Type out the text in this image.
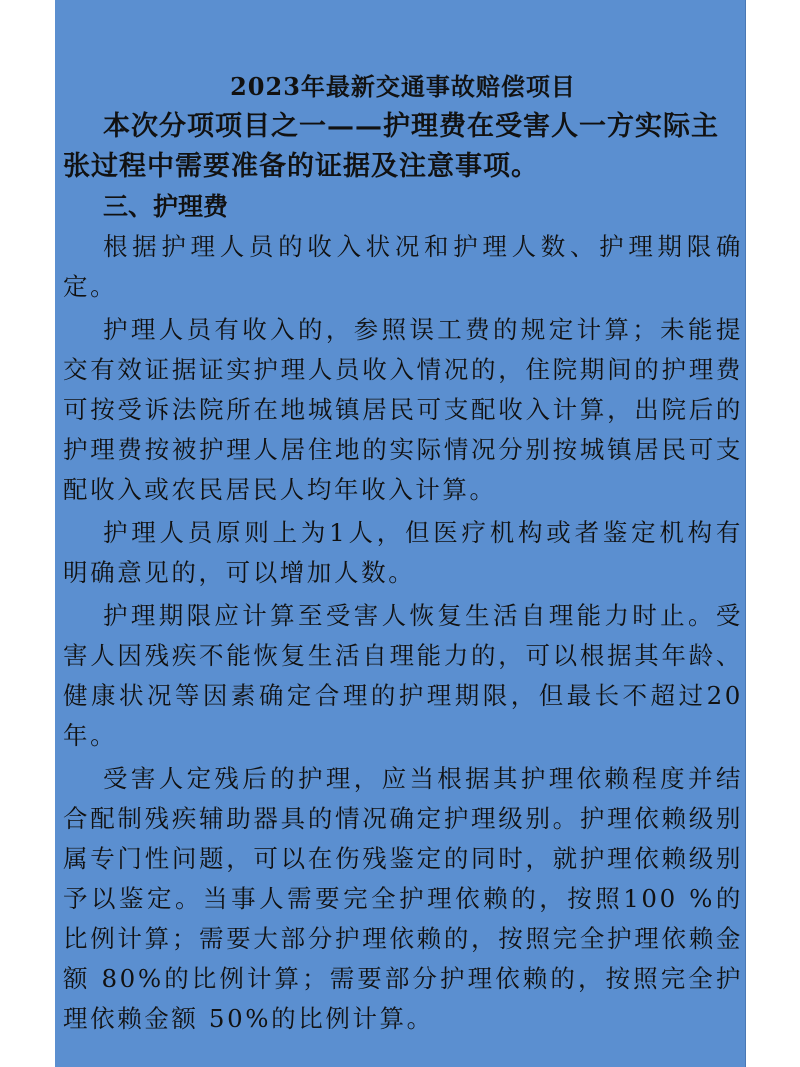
2023年最新交通事故赔偿项目

本次分项项目之一——护理费在受害人一方实际主张过程中需要准备的证据及注意事项。

三、护理费

根据护理人员的收入状况和护理人数、护理期限确定。

护理人员有收入的，参照误工费的规定计算；未能提交有效证据证实护理人员收入情况的，住院期间的护理费可按受诉法院所在地城镇居民可支配收入计算，出院后的护理费按被护理人居住地的实际情况分别按城镇居民可支配收入或农民居民人均年收入计算。

护理人员原则上为1人，但医疗机构或者鉴定机构有明确意见的，可以增加人数。

护理期限应计算至受害人恢复生活自理能力时止。受害人因残疾不能恢复生活自理能力的，可以根据其年龄、健康状况等因素确定合理的护理期限，但最长不超过20年。

受害人定残后的护理，应当根据其护理依赖程度并结合配制残疾辅助器具的情况确定护理级别。护理依赖级别属专门性问题，可以在伤残鉴定的同时，就护理依赖级别予以鉴定。当事人需要完全护理依赖的，按照100 %的比例计算；需要大部分护理依赖的，按照完全护理依赖金额 80%的比例计算；需要部分护理依赖的，按照完全护理依赖金额 50%的比例计算。
